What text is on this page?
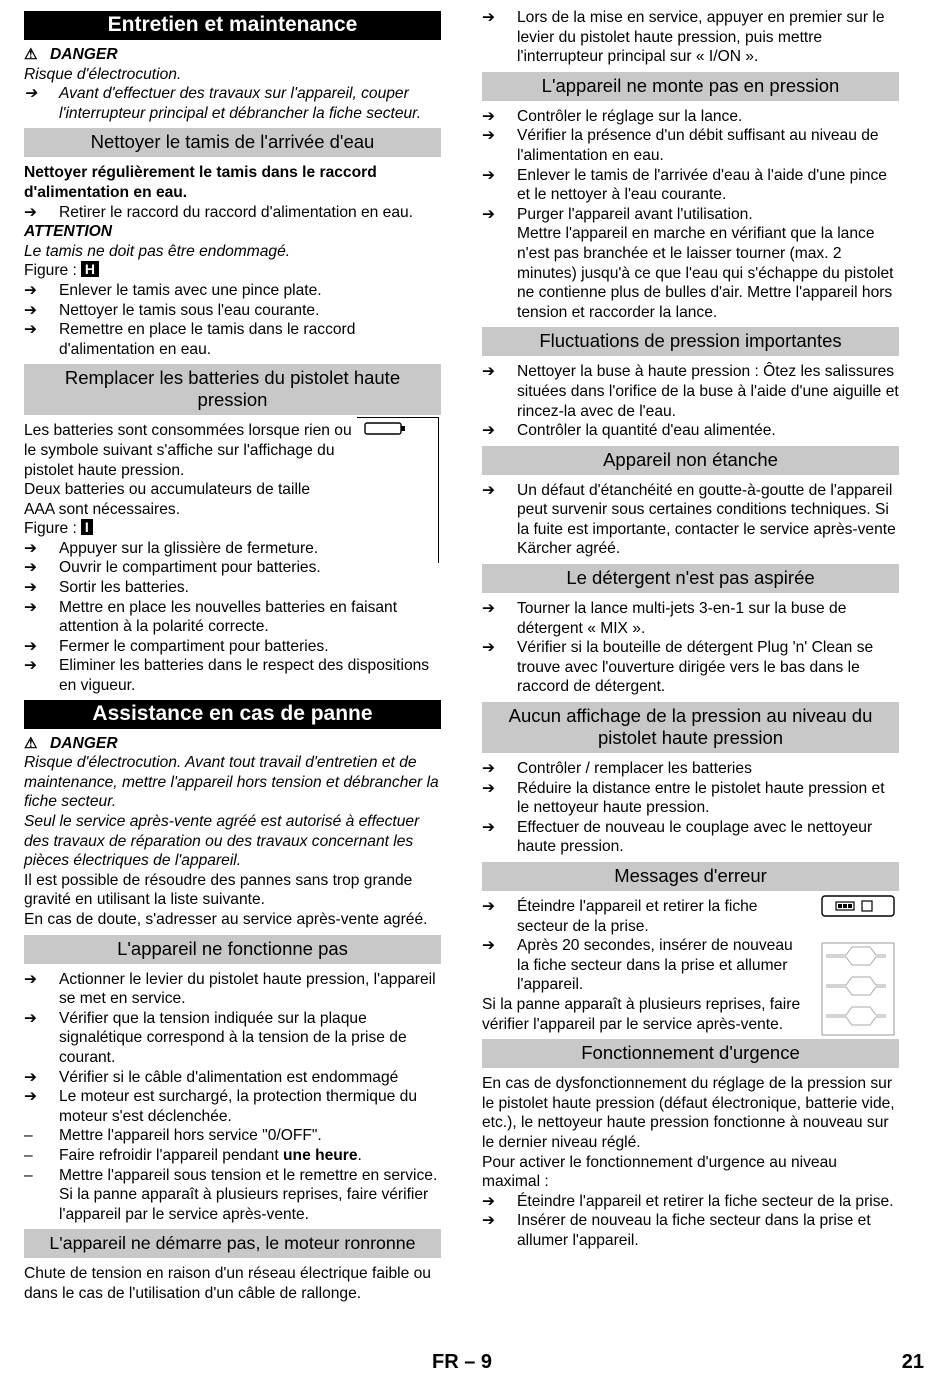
Entretien et maintenance
⚠ DANGER
Risque d'électrocution.
➔	Avant d'effectuer des travaux sur l'appareil, couper l'interrupteur principal et débrancher la fiche secteur.
Nettoyer le tamis de l'arrivée d'eau
Nettoyer régulièrement le tamis dans le raccord d'alimentation en eau.
➔	Retirer le raccord du raccord d'alimentation en eau.
ATTENTION
Le tamis ne doit pas être endommagé.
Figure : H
➔	Enlever le tamis avec une pince plate.
➔	Nettoyer le tamis sous l'eau courante.
➔	Remettre en place le tamis dans le raccord d'alimentation en eau.
Remplacer les batteries du pistolet haute pression
Les batteries sont consommées lorsque rien ou le symbole suivant s'affiche sur l'affichage du pistolet haute pression.
Deux batteries ou accumulateurs de taille AAA sont nécessaires.
Figure : I
➔	Appuyer sur la glissière de fermeture.
➔	Ouvrir le compartiment pour batteries.
➔	Sortir les batteries.
➔	Mettre en place les nouvelles batteries en faisant attention à la polarité correcte.
➔	Fermer le compartiment pour batteries.
➔	Eliminer les batteries dans le respect des dispositions en vigueur.
Assistance en cas de panne
⚠ DANGER
Risque d'électrocution. Avant tout travail d'entretien et de maintenance, mettre l'appareil hors tension et débrancher la fiche secteur.
Seul le service après-vente agréé est autorisé à effectuer des travaux de réparation ou des travaux concernant les pièces électriques de l'appareil.
Il est possible de résoudre des pannes sans trop grande gravité en utilisant la liste suivante.
En cas de doute, s'adresser au service après-vente agréé.
L'appareil ne fonctionne pas
➔	Actionner le levier du pistolet haute pression, l'appareil se met en service.
➔	Vérifier que la tension indiquée sur la plaque signalétique correspond à la tension de la prise de courant.
➔	Vérifier si le câble d'alimentation est endommagé
➔	Le moteur est surchargé, la protection thermique du moteur s'est déclenchée.
–	Mettre l'appareil hors service "0/OFF".
–	Faire refroidir l'appareil pendant une heure.
–	Mettre l'appareil sous tension et le remettre en service.
Si la panne apparaît à plusieurs reprises, faire vérifier l'appareil par le service après-vente.
L'appareil ne démarre pas, le moteur ronronne
Chute de tension en raison d'un réseau électrique faible ou dans le cas de l'utilisation d'un câble de rallonge.
➔	Lors de la mise en service, appuyer en premier sur le levier du pistolet haute pression, puis mettre l'interrupteur principal sur « I/ON ».
L'appareil ne monte pas en pression
➔	Contrôler le réglage sur la lance.
➔	Vérifier la présence d'un débit suffisant au niveau de l'alimentation en eau.
➔	Enlever le tamis de l'arrivée d'eau à l'aide d'une pince et le nettoyer à l'eau courante.
➔	Purger l'appareil avant l'utilisation.
Mettre l'appareil en marche en vérifiant que la lance n'est pas branchée et le laisser tourner (max. 2 minutes) jusqu'à ce que l'eau qui s'échappe du pistolet ne contienne plus de bulles d'air. Mettre l'appareil hors tension et raccorder la lance.
Fluctuations de pression importantes
➔	Nettoyer la buse à haute pression : Ôtez les salissures situées dans l'orifice de la buse à l'aide d'une aiguille et rincez-la avec de l'eau.
➔	Contrôler la quantité d'eau alimentée.
Appareil non étanche
➔	Un défaut d'étanchéité en goutte-à-goutte de l'appareil peut survenir sous certaines conditions techniques. Si la fuite est importante, contacter le service après-vente Kärcher agréé.
Le détergent n'est pas aspirée
➔	Tourner la lance multi-jets 3-en-1 sur la buse de détergent « MIX ».
➔	Vérifier si la bouteille de détergent Plug 'n' Clean se trouve avec l'ouverture dirigée vers le bas dans le raccord de détergent.
Aucun affichage de la pression au niveau du pistolet haute pression
➔	Contrôler / remplacer les batteries
➔	Réduire la distance entre le pistolet haute pression et le nettoyeur haute pression.
➔	Effectuer de nouveau le couplage avec le nettoyeur haute pression.
Messages d'erreur
➔	Éteindre l'appareil et retirer la fiche secteur de la prise.
➔	Après 20 secondes, insérer de nouveau la fiche secteur dans la prise et allumer l'appareil.
Si la panne apparaît à plusieurs reprises, faire vérifier l'appareil par le service après-vente.
Fonctionnement d'urgence
En cas de dysfonctionnement du réglage de la pression sur le pistolet haute pression (défaut électronique, batterie vide, etc.), le nettoyeur haute pression fonctionne à nouveau sur le dernier niveau réglé.
Pour activer le fonctionnement d'urgence au niveau maximal :
➔	Éteindre l'appareil et retirer la fiche secteur de la prise.
➔	Insérer de nouveau la fiche secteur dans la prise et allumer l'appareil.
FR – 9	21
